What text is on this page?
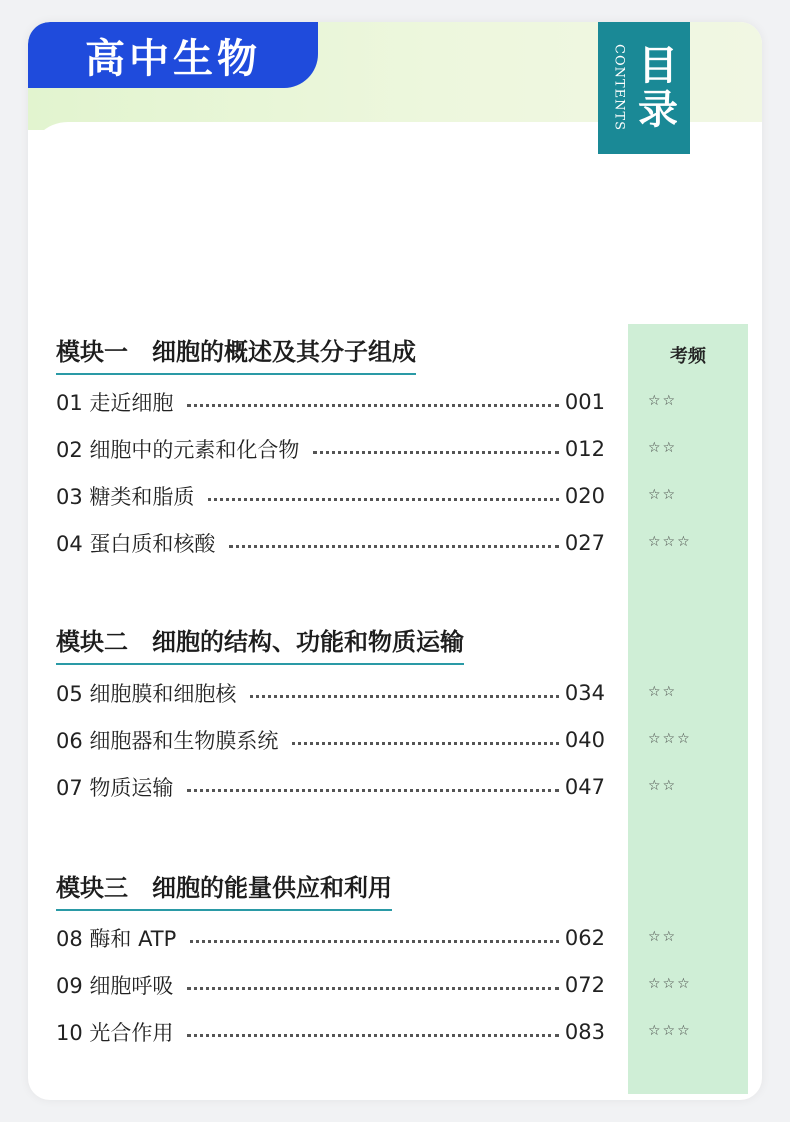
高中生物	CONTENTS 目录
考频
模块一　细胞的概述及其分子组成
01 走近细胞	001	☆☆
02 细胞中的元素和化合物	012	☆☆
03 糖类和脂质	020	☆☆
04 蛋白质和核酸	027	☆☆☆
模块二　细胞的结构、功能和物质运输
05 细胞膜和细胞核	034	☆☆
06 细胞器和生物膜系统	040	☆☆☆
07 物质运输	047	☆☆
模块三　细胞的能量供应和利用
08 酶和 ATP	062	☆☆
09 细胞呼吸	072	☆☆☆
10 光合作用	083	☆☆☆
